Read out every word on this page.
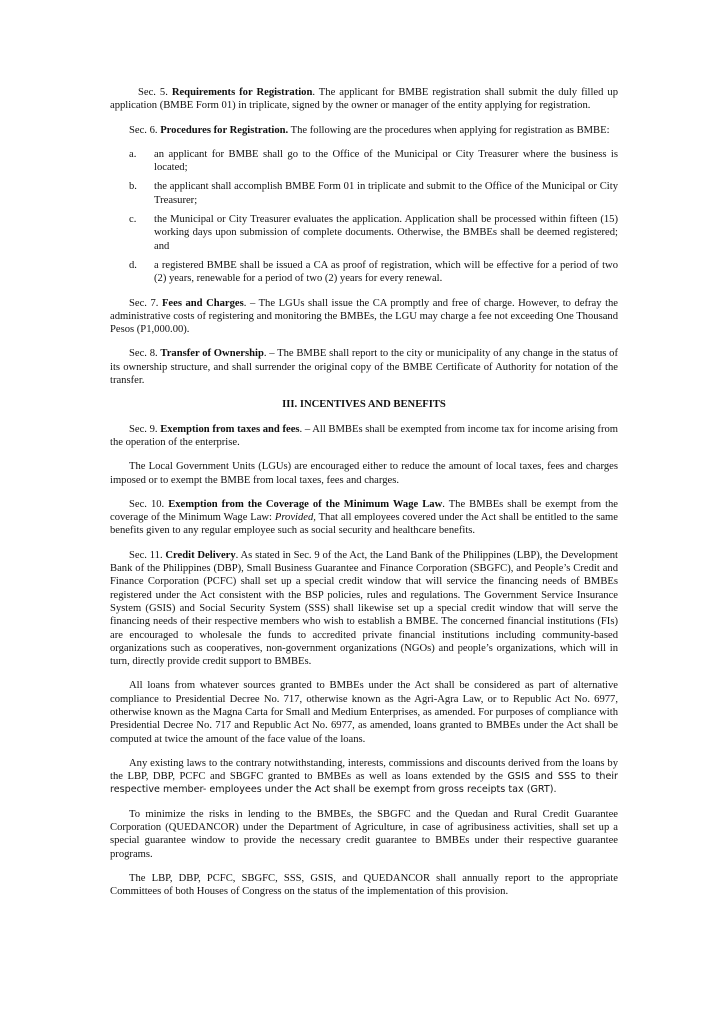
Sec. 5. Requirements for Registration. The applicant for BMBE registration shall submit the duly filled up application (BMBE Form 01) in triplicate, signed by the owner or manager of the entity applying for registration.

Sec. 6. Procedures for Registration. The following are the procedures when applying for registration as BMBE:

a.	an applicant for BMBE shall go to the Office of the Municipal or City Treasurer where the business is located;
b.	the applicant shall accomplish BMBE Form 01 in triplicate and submit to the Office of the Municipal or City Treasurer;
c.	the Municipal or City Treasurer evaluates the application. Application shall be processed within fifteen (15) working days upon submission of complete documents. Otherwise, the BMBEs shall be deemed registered; and
d.	a registered BMBE shall be issued a CA as proof of registration, which will be effective for a period of two (2) years, renewable for a period of two (2) years for every renewal.

Sec. 7. Fees and Charges. – The LGUs shall issue the CA promptly and free of charge. However, to defray the administrative costs of registering and monitoring the BMBEs, the LGU may charge a fee not exceeding One Thousand Pesos (P1,000.00).

Sec. 8. Transfer of Ownership. – The BMBE shall report to the city or municipality of any change in the status of its ownership structure, and shall surrender the original copy of the BMBE Certificate of Authority for notation of the transfer.

III. INCENTIVES AND BENEFITS

Sec. 9. Exemption from taxes and fees. – All BMBEs shall be exempted from income tax for income arising from the operation of the enterprise.

The Local Government Units (LGUs) are encouraged either to reduce the amount of local taxes, fees and charges imposed or to exempt the BMBE from local taxes, fees and charges.

Sec. 10. Exemption from the Coverage of the Minimum Wage Law. The BMBEs shall be exempt from the coverage of the Minimum Wage Law: Provided, That all employees covered under the Act shall be entitled to the same benefits given to any regular employee such as social security and healthcare benefits.

Sec. 11. Credit Delivery. As stated in Sec. 9 of the Act, the Land Bank of the Philippines (LBP), the Development Bank of the Philippines (DBP), Small Business Guarantee and Finance Corporation (SBGFC), and People’s Credit and Finance Corporation (PCFC) shall set up a special credit window that will service the financing needs of BMBEs registered under the Act consistent with the BSP policies, rules and regulations. The Government Service Insurance System (GSIS) and Social Security System (SSS) shall likewise set up a special credit window that will serve the financing needs of their respective members who wish to establish a BMBE. The concerned financial institutions (FIs) are encouraged to wholesale the funds to accredited private financial institutions including community-based organizations such as cooperatives, non-government organizations (NGOs) and people’s organizations, which will in turn, directly provide credit support to BMBEs.

All loans from whatever sources granted to BMBEs under the Act shall be considered as part of alternative compliance to Presidential Decree No. 717, otherwise known as the Agri-Agra Law, or to Republic Act No. 6977, otherwise known as the Magna Carta for Small and Medium Enterprises, as amended. For purposes of compliance with Presidential Decree No. 717 and Republic Act No. 6977, as amended, loans granted to BMBEs under the Act shall be computed at twice the amount of the face value of the loans.

Any existing laws to the contrary notwithstanding, interests, commissions and discounts derived from the loans by the LBP, DBP, PCFC and SBGFC granted to BMBEs as well as loans extended by the GSIS and SSS to their respective member- employees under the Act shall be exempt from gross receipts tax (GRT).

To minimize the risks in lending to the BMBEs, the SBGFC and the Quedan and Rural Credit Guarantee Corporation (QUEDANCOR) under the Department of Agriculture, in case of agribusiness activities, shall set up a special guarantee window to provide the necessary credit guarantee to BMBEs under their respective guarantee programs.

The LBP, DBP, PCFC, SBGFC, SSS, GSIS, and QUEDANCOR shall annually report to the appropriate Committees of both Houses of Congress on the status of the implementation of this provision.
